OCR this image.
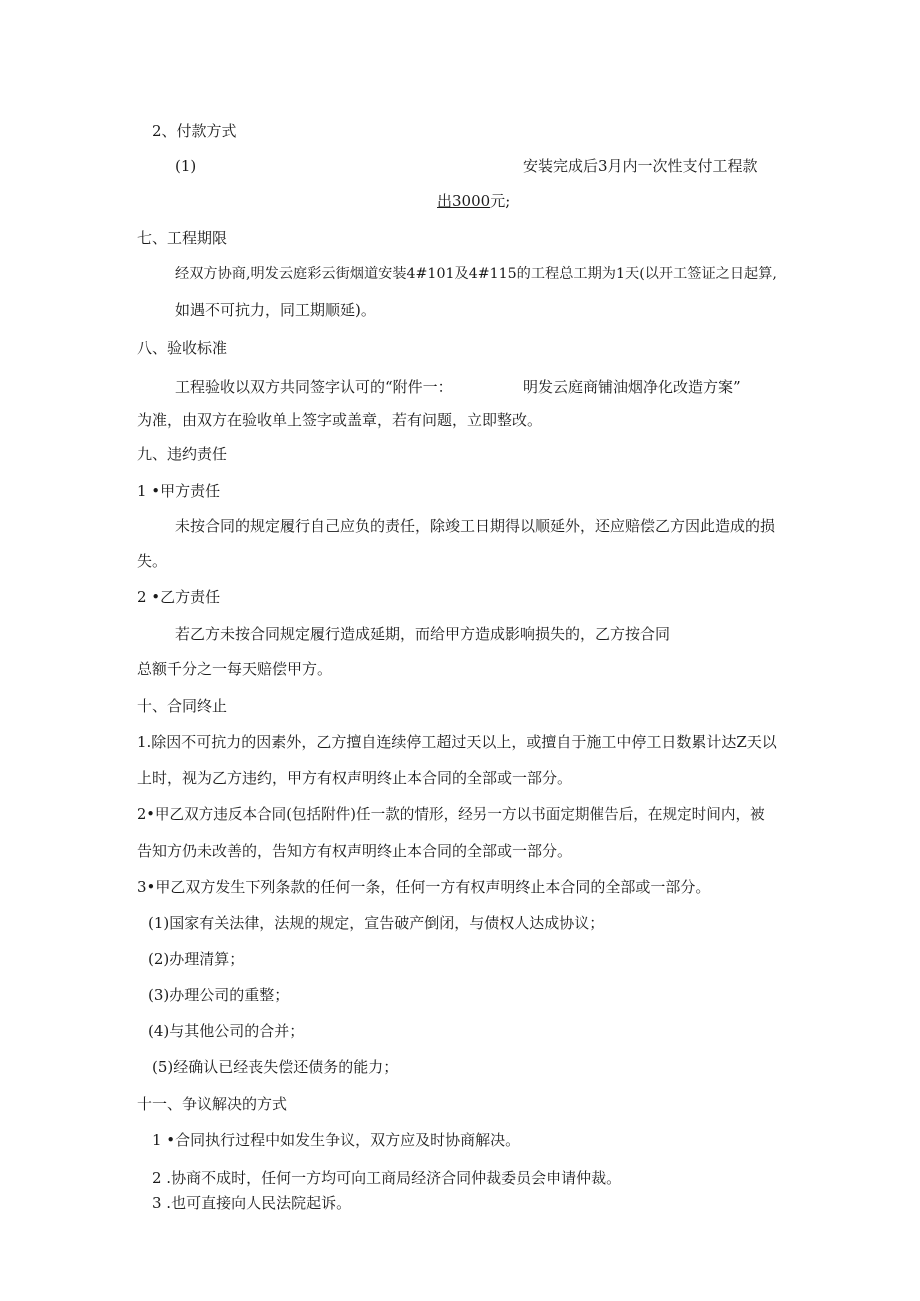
2、付款方式
(1)	安装完成后3月内一次性支付工程款
出3000元;
七、工程期限
经双方协商,明发云庭彩云街烟道安装4#101及4#115的工程总工期为1天(以开工签证之日起算,
如遇不可抗力，同工期顺延)。
八、验收标准
工程验收以双方共同签字认可的“附件一：	明发云庭商铺油烟净化改造方案”
为准，由双方在验收单上签字或盖章，若有问题，立即整改。
九、违约责任
1 •甲方责任
未按合同的规定履行自己应负的责任，除竣工日期得以顺延外，还应赔偿乙方因此造成的损
失。
2 •乙方责任
若乙方未按合同规定履行造成延期，而给甲方造成影响损失的，乙方按合同
总额千分之一每天赔偿甲方。
十、合同终止
1.除因不可抗力的因素外，乙方擅自连续停工超过天以上，或擅自于施工中停工日数累计达Z天以
上时，视为乙方违约，甲方有权声明终止本合同的全部或一部分。
2•甲乙双方违反本合同(包括附件)任一款的情形，经另一方以书面定期催告后，在规定时间内，被
告知方仍未改善的，告知方有权声明终止本合同的全部或一部分。
3•甲乙双方发生下列条款的任何一条，任何一方有权声明终止本合同的全部或一部分。
(1)国家有关法律，法规的规定，宣告破产倒闭，与债权人达成协议；
(2)办理清算；
(3)办理公司的重整；
(4)与其他公司的合并；
(5)经确认已经丧失偿还债务的能力；
十一、争议解决的方式
1 •合同执行过程中如发生争议，双方应及时协商解决。
2 .协商不成时，任何一方均可向工商局经济合同仲裁委员会申请仲裁。
3 .也可直接向人民法院起诉。
